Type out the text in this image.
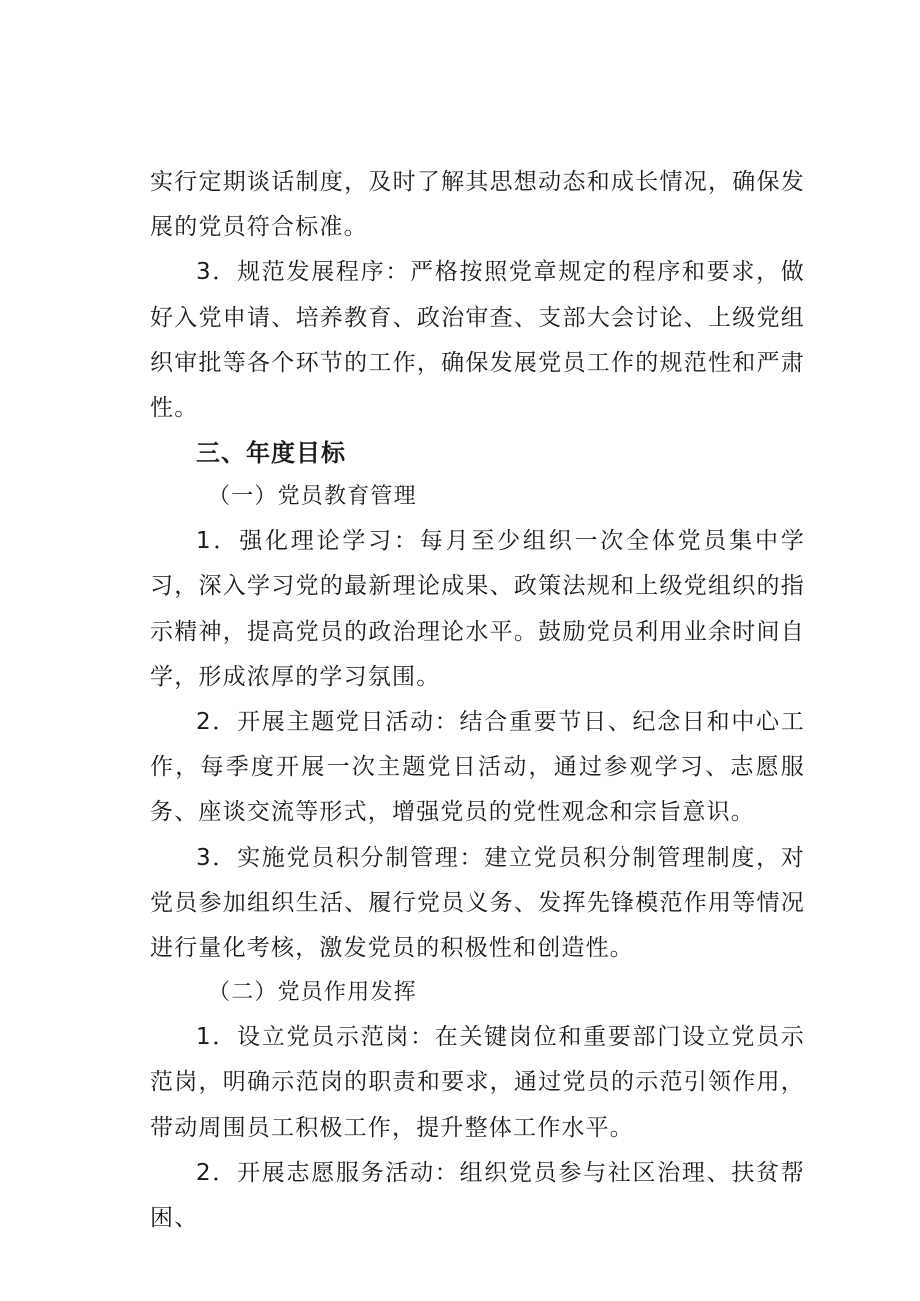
实行定期谈话制度，及时了解其思想动态和成长情况，确保发展的党员符合标准。

3．规范发展程序：严格按照党章规定的程序和要求，做好入党申请、培养教育、政治审查、支部大会讨论、上级党组织审批等各个环节的工作，确保发展党员工作的规范性和严肃性。

三、年度目标

（一）党员教育管理

1．强化理论学习：每月至少组织一次全体党员集中学习，深入学习党的最新理论成果、政策法规和上级党组织的指示精神，提高党员的政治理论水平。鼓励党员利用业余时间自学，形成浓厚的学习氛围。

2．开展主题党日活动：结合重要节日、纪念日和中心工作，每季度开展一次主题党日活动，通过参观学习、志愿服务、座谈交流等形式，增强党员的党性观念和宗旨意识。

3．实施党员积分制管理：建立党员积分制管理制度，对党员参加组织生活、履行党员义务、发挥先锋模范作用等情况进行量化考核，激发党员的积极性和创造性。

（二）党员作用发挥

1．设立党员示范岗：在关键岗位和重要部门设立党员示范岗，明确示范岗的职责和要求，通过党员的示范引领作用，带动周围员工积极工作，提升整体工作水平。

2．开展志愿服务活动：组织党员参与社区治理、扶贫帮困、
